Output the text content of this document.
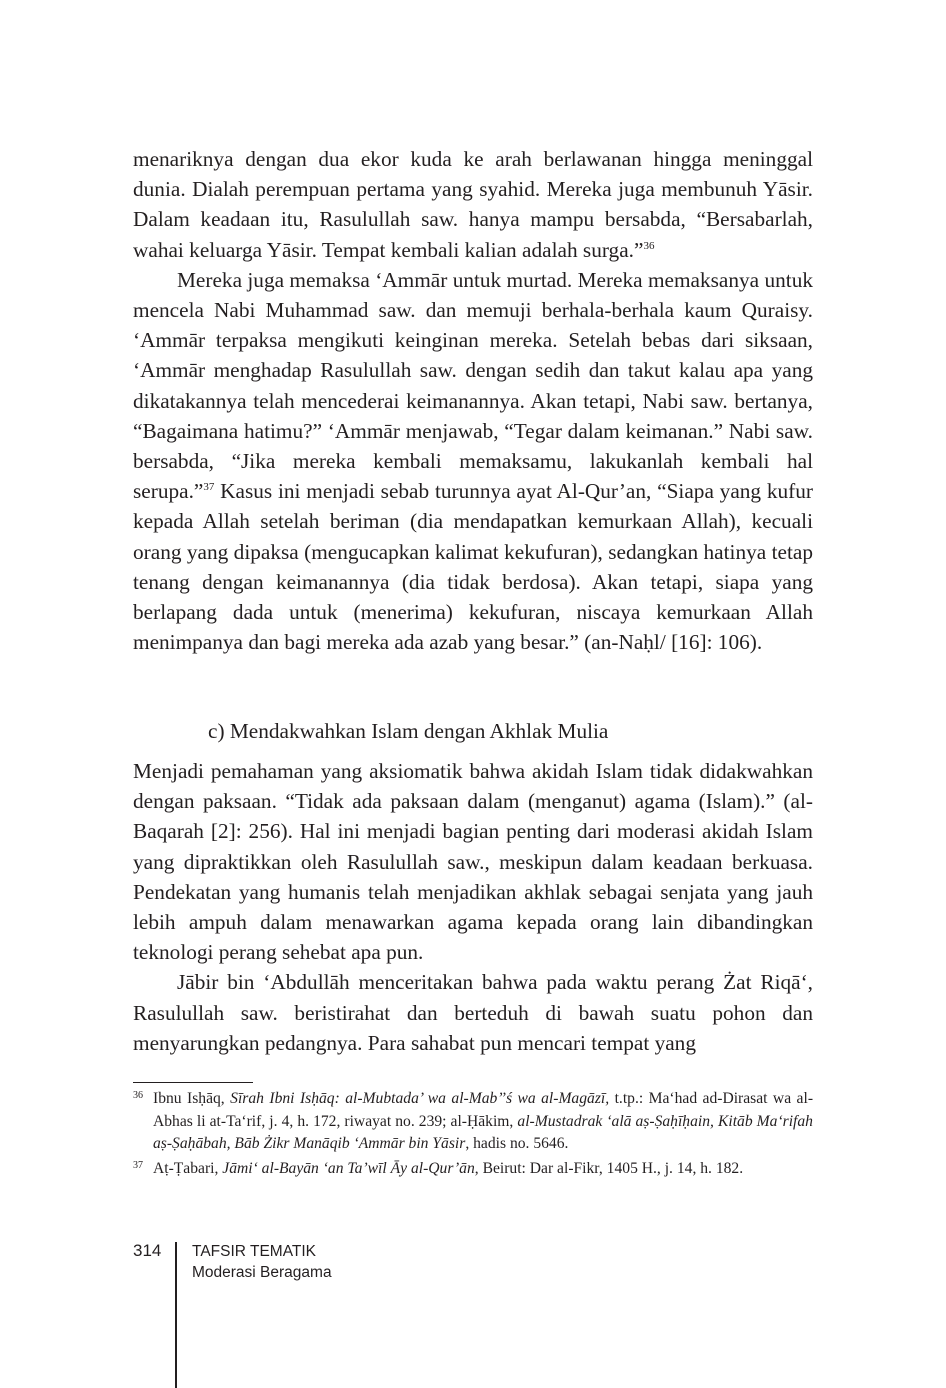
menariknya dengan dua ekor kuda ke arah berlawanan hingga meninggal dunia. Dialah perempuan pertama yang syahid. Mereka juga membunuh Yāsir. Dalam keadaan itu, Rasulullah saw. hanya mampu bersabda, “Bersabarlah, wahai keluarga Yāsir. Tempat kembali kalian adalah surga.”$^{36}$

Mereka juga memaksa ‘Ammār untuk murtad. Mereka memaksanya untuk mencela Nabi Muhammad saw. dan memuji berhala-berhala kaum Quraisy. ‘Ammār terpaksa mengikuti keinginan mereka. Setelah bebas dari siksaan, ‘Ammār menghadap Rasulullah saw. dengan sedih dan takut kalau apa yang dikatakannya telah mencederai keimanannya. Akan tetapi, Nabi saw. bertanya, “Bagaimana hatimu?” ‘Ammār menjawab, “Tegar dalam keimanan.” Nabi saw. bersabda, “Jika mereka kembali memaksamu, lakukanlah kembali hal serupa.”$^{37}$ Kasus ini menjadi sebab turunnya ayat Al-Qur’an, “Siapa yang kufur kepada Allah setelah beriman (dia mendapatkan kemurkaan Allah), kecuali orang yang dipaksa (mengucapkan kalimat kekufuran), sedangkan hatinya tetap tenang dengan keimanannya (dia tidak berdosa). Akan tetapi, siapa yang berlapang dada untuk (menerima) kekufuran, niscaya kemurkaan Allah menimpanya dan bagi mereka ada azab yang besar.” (an-Naḥl/ [16]: 106).

c) Mendakwahkan Islam dengan Akhlak Mulia

Menjadi pemahaman yang aksiomatik bahwa akidah Islam tidak didakwahkan dengan paksaan. “Tidak ada paksaan dalam (menganut) agama (Islam).” (al-Baqarah [2]: 256). Hal ini menjadi bagian penting dari moderasi akidah Islam yang dipraktikkan oleh Rasulullah saw., meskipun dalam keadaan berkuasa. Pendekatan yang humanis telah menjadikan akhlak sebagai senjata yang jauh lebih ampuh dalam menawarkan agama kepada orang lain dibandingkan teknologi perang sehebat apa pun.

Jābir bin ‘Abdullāh menceritakan bahwa pada waktu perang Żat Riqā‘, Rasulullah saw. beristirahat dan berteduh di bawah suatu pohon dan menyarungkan pedangnya. Para sahabat pun mencari tempat yang

36 Ibnu Isḥāq, Sīrah Ibni Isḥāq: al-Mubtada’ wa al-Mab’’ś wa al-Magāzī, t.tp.: Ma‘had ad-Dirasat wa al-Abhas li at-Ta‘rif, j. 4, h. 172, riwayat no. 239; al-Ḥākim, al-Mustadrak ‘alā aṣ-Ṣaḥīḥain, Kitāb Ma‘rifah aṣ-Ṣaḥābah, Bāb Żikr Manāqib ‘Ammār bin Yāsir, hadis no. 5646.
37 Aṭ-Ṭabari, Jāmi‘ al-Bayān ‘an Ta’wīl Āy al-Qur’ān, Beirut: Dar al-Fikr, 1405 H., j. 14, h. 182.
314 TAFSIR TEMATIK
Moderasi Beragama
